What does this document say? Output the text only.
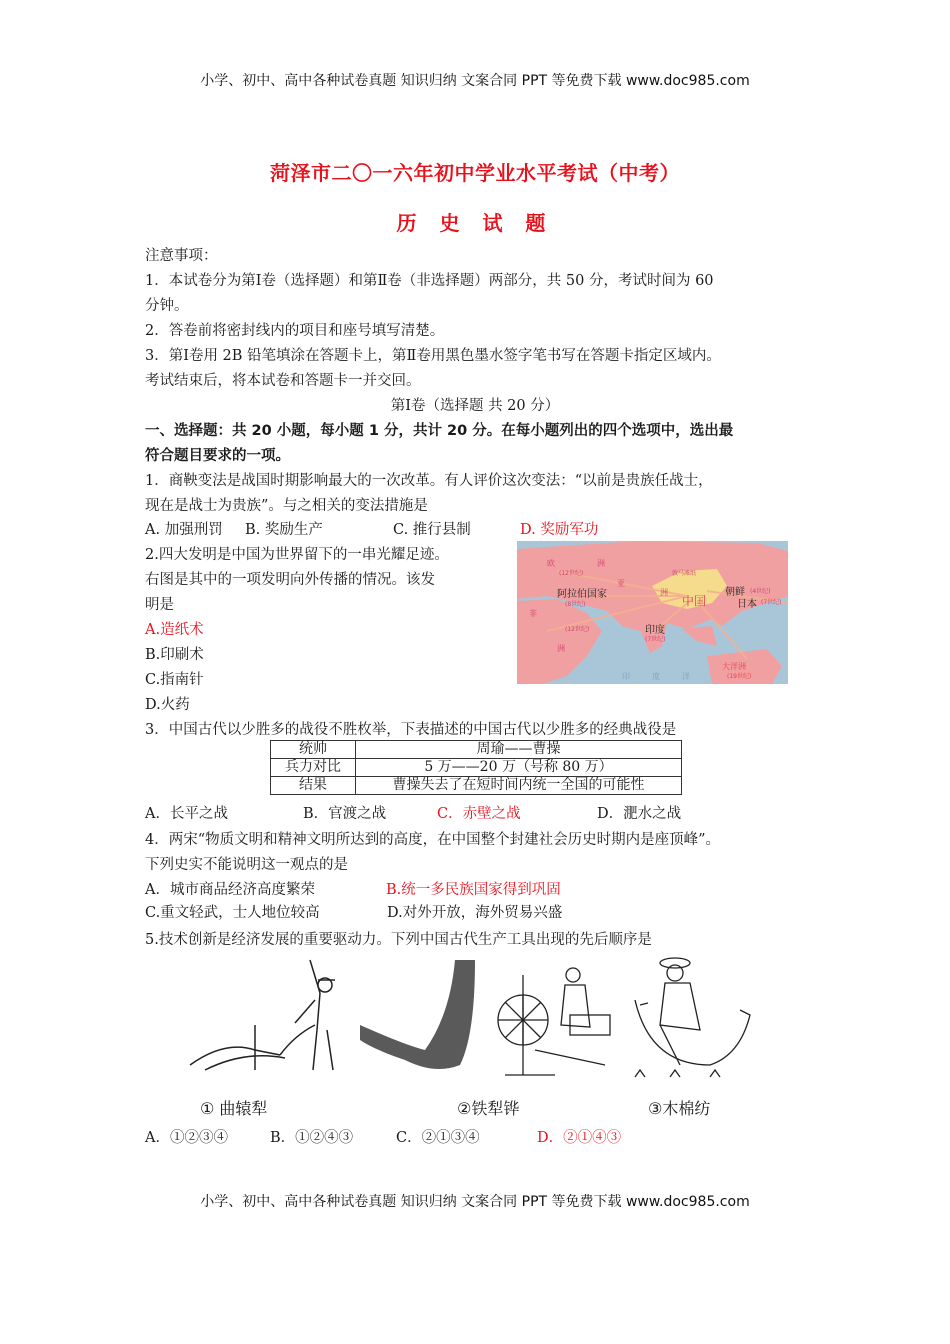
小学、初中、高中各种试卷真题 知识归纳 文案合同 PPT 等免费下载 www.doc985.com
菏泽市二〇一六年初中学业水平考试（中考）
历 史 试 题
注意事项：
1．本试卷分为第Ⅰ卷（选择题）和第Ⅱ卷（非选择题）两部分，共 50 分，考试时间为 60
分钟。
2．答卷前将密封线内的项目和座号填写清楚。
3．第Ⅰ卷用 2B 铅笔填涂在答题卡上，第Ⅱ卷用黑色墨水签字笔书写在答题卡指定区域内。
考试结束后，将本试卷和答题卡一并交回。
第Ⅰ卷（选择题 共 20 分）
一、选择题：共 20 小题，每小题 1 分，共计 20 分。在每小题列出的四个选项中，选出最
符合题目要求的一项。
1．商鞅变法是战国时期影响最大的一次改革。有人评价这次变法：“以前是贵族任战士，
现在是战士为贵族”。与之相关的变法措施是
A. 加强刑罚 B. 奖励生产	C. 推行县制	D. 奖励军功
2.四大发明是中国为世界留下的一串光耀足迹。
右图是其中的一项发明向外传播的情况。该发
明是
A.造纸术
B.印刷术
C.指南针
D.火药
欧	洲
(12世纪)
阿拉伯国家
(8世纪)
亚
洲
非
(12世纪)
洲
中国
敦马滩纸
朝鲜 (4世纪)
日本 (7世纪)
印度
(7世纪)
大洋洲
(19世纪)
印	度	洋
3．中国古代以少胜多的战役不胜枚举，下表描述的中国古代以少胜多的经典战役是
统帅	周瑜——曹操
兵力对比	5 万——20 万（号称 80 万）
结果	曹操失去了在短时间内统一全国的可能性
A．长平之战	B．官渡之战	C．赤壁之战	D．淝水之战
4．两宋“物质文明和精神文明所达到的高度，在中国整个封建社会历史时期内是座顶峰”。
下列史实不能说明这一观点的是
A．城市商品经济高度繁荣	B.统一多民族国家得到巩固
C.重文轻武，士人地位较高	D.对外开放，海外贸易兴盛
5.技术创新是经济发展的重要驱动力。下列中国古代生产工具出现的先后顺序是
① 曲辕犁	②铁犁铧	③木棉纺
A．①②③④	B．①②④③	C．②①③④	D．②①④③
小学、初中、高中各种试卷真题 知识归纳 文案合同 PPT 等免费下载 www.doc985.com
